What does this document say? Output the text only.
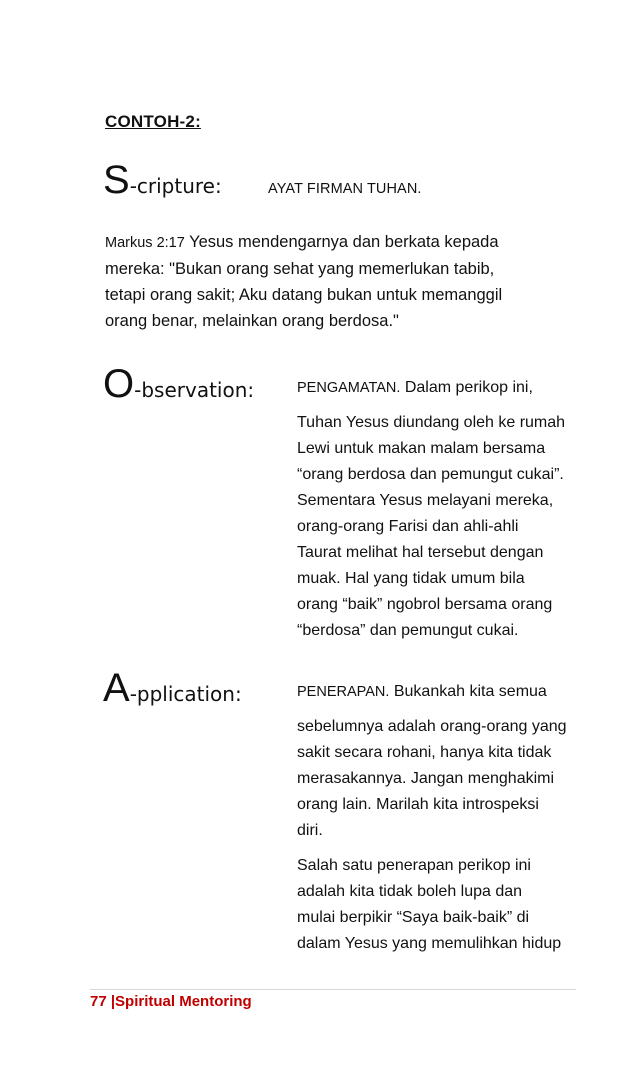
CONTOH-2:
S -cripture:	AYAT FIRMAN TUHAN.
Markus 2:17 Yesus mendengarnya dan berkata kepada
mereka: "Bukan orang sehat yang memerlukan tabib,
tetapi orang sakit; Aku datang bukan untuk memanggil
orang benar, melainkan orang berdosa."
O -bservation:	PENGAMATAN. Dalam perikop ini,

Tuhan Yesus diundang oleh ke rumah
Lewi untuk makan malam bersama
“orang berdosa dan pemungut cukai”.
Sementara Yesus melayani mereka,
orang-orang Farisi dan ahli-ahli
Taurat melihat hal tersebut dengan
muak. Hal yang tidak umum bila
orang “baik” ngobrol bersama orang
“berdosa” dan pemungut cukai.
A -pplication:	PENERAPAN. Bukankah kita semua

sebelumnya adalah orang-orang yang
sakit secara rohani, hanya kita tidak
merasakannya. Jangan menghakimi
orang lain. Marilah kita introspeksi
diri.
Salah satu penerapan perikop ini
adalah kita tidak boleh lupa dan
mulai berpikir “Saya baik-baik” di
dalam Yesus yang memulihkan hidup
77 |Spiritual Mentoring
